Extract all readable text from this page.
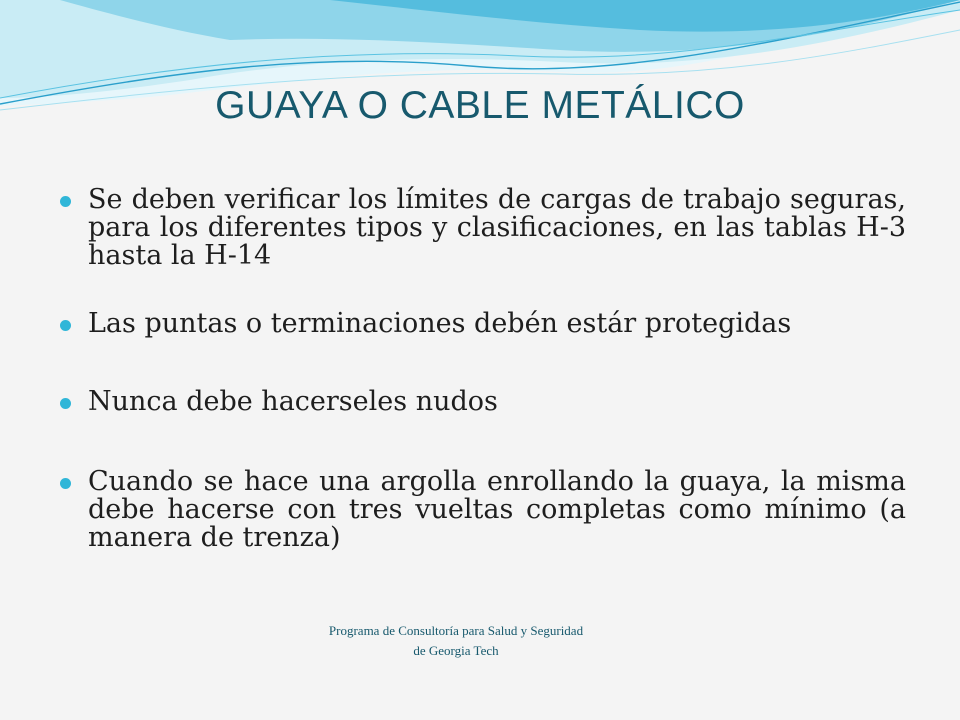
GUAYA O CABLE METÁLICO
Se deben verificar los límites de cargas de trabajo seguras, para los diferentes tipos y clasificaciones, en las tablas H-3 hasta la H-14
Las puntas o terminaciones debén estár protegidas
Nunca debe hacerseles nudos
Cuando se hace una argolla enrollando la guaya, la misma debe hacerse con tres vueltas completas como mínimo (a manera de trenza)
Programa de Consultoría para Salud y Seguridad
de Georgia Tech
